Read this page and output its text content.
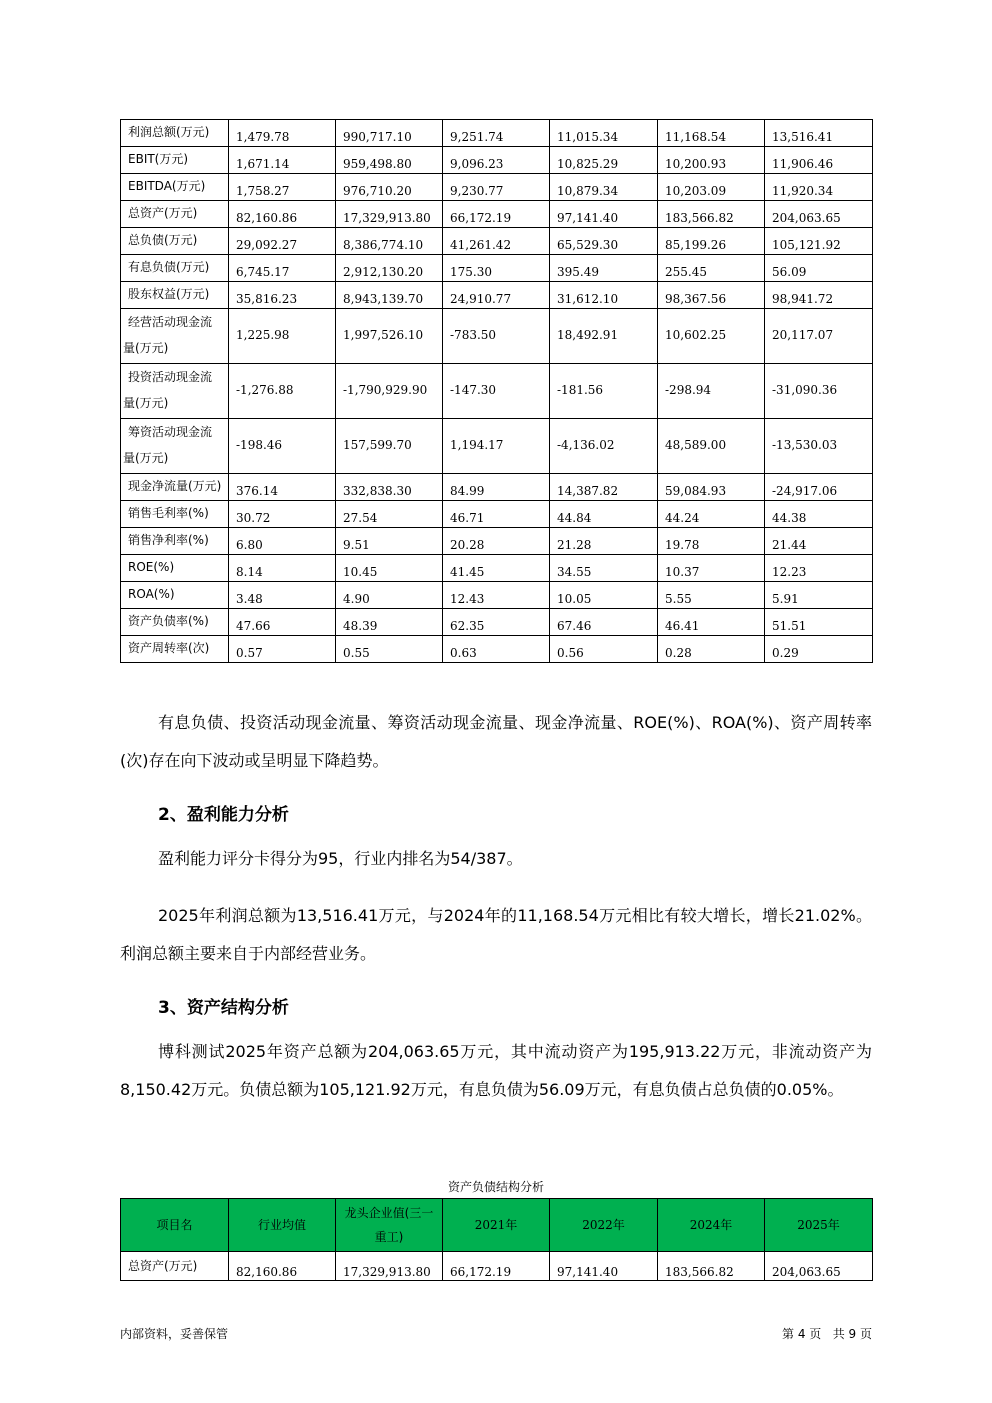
利润总额(万元)	1,479.78	990,717.10	9,251.74	11,015.34	11,168.54	13,516.41
EBIT(万元)	1,671.14	959,498.80	9,096.23	10,825.29	10,200.93	11,906.46
EBITDA(万元)	1,758.27	976,710.20	9,230.77	10,879.34	10,203.09	11,920.34
总资产(万元)	82,160.86	17,329,913.80	66,172.19	97,141.40	183,566.82	204,063.65
总负债(万元)	29,092.27	8,386,774.10	41,261.42	65,529.30	85,199.26	105,121.92
有息负债(万元)	6,745.17	2,912,130.20	175.30	395.49	255.45	56.09
股东权益(万元)	35,816.23	8,943,139.70	24,910.77	31,612.10	98,367.56	98,941.72
经营活动现金流
量(万元)	1,225.98	1,997,526.10	-783.50	18,492.91	10,602.25	20,117.07
投资活动现金流
量(万元)	-1,276.88	-1,790,929.90	-147.30	-181.56	-298.94	-31,090.36
筹资活动现金流
量(万元)	-198.46	157,599.70	1,194.17	-4,136.02	48,589.00	-13,530.03
现金净流量(万元)	376.14	332,838.30	84.99	14,387.82	59,084.93	-24,917.06
销售毛利率(%)	30.72	27.54	46.71	44.84	44.24	44.38
销售净利率(%)	6.80	9.51	20.28	21.28	19.78	21.44
ROE(%)	8.14	10.45	41.45	34.55	10.37	12.23
ROA(%)	3.48	4.90	12.43	10.05	5.55	5.91
资产负债率(%)	47.66	48.39	62.35	67.46	46.41	51.51
资产周转率(次)	0.57	0.55	0.63	0.56	0.28	0.29
有息负债、投资活动现金流量、筹资活动现金流量、现金净流量、ROE(%)、ROA(%)、资产周转率(次)存在向下波动或呈明显下降趋势。
2、盈利能力分析
盈利能力评分卡得分为95，行业内排名为54/387。
2025年利润总额为13,516.41万元，与2024年的11,168.54万元相比有较大增长，增长21.02%。利润总额主要来自于内部经营业务。
3、资产结构分析
博科测试2025年资产总额为204,063.65万元，其中流动资产为195,913.22万元，非流动资产为8,150.42万元。负债总额为105,121.92万元，有息负债为56.09万元，有息负债占总负债的0.05%。
资产负债结构分析
项目名	行业均值	龙头企业值(三一重工)	2021年	2022年	2024年	2025年
总资产(万元)	82,160.86	17,329,913.80	66,172.19	97,141.40	183,566.82	204,063.65
内部资料，妥善保管	第 4 页   共 9 页
